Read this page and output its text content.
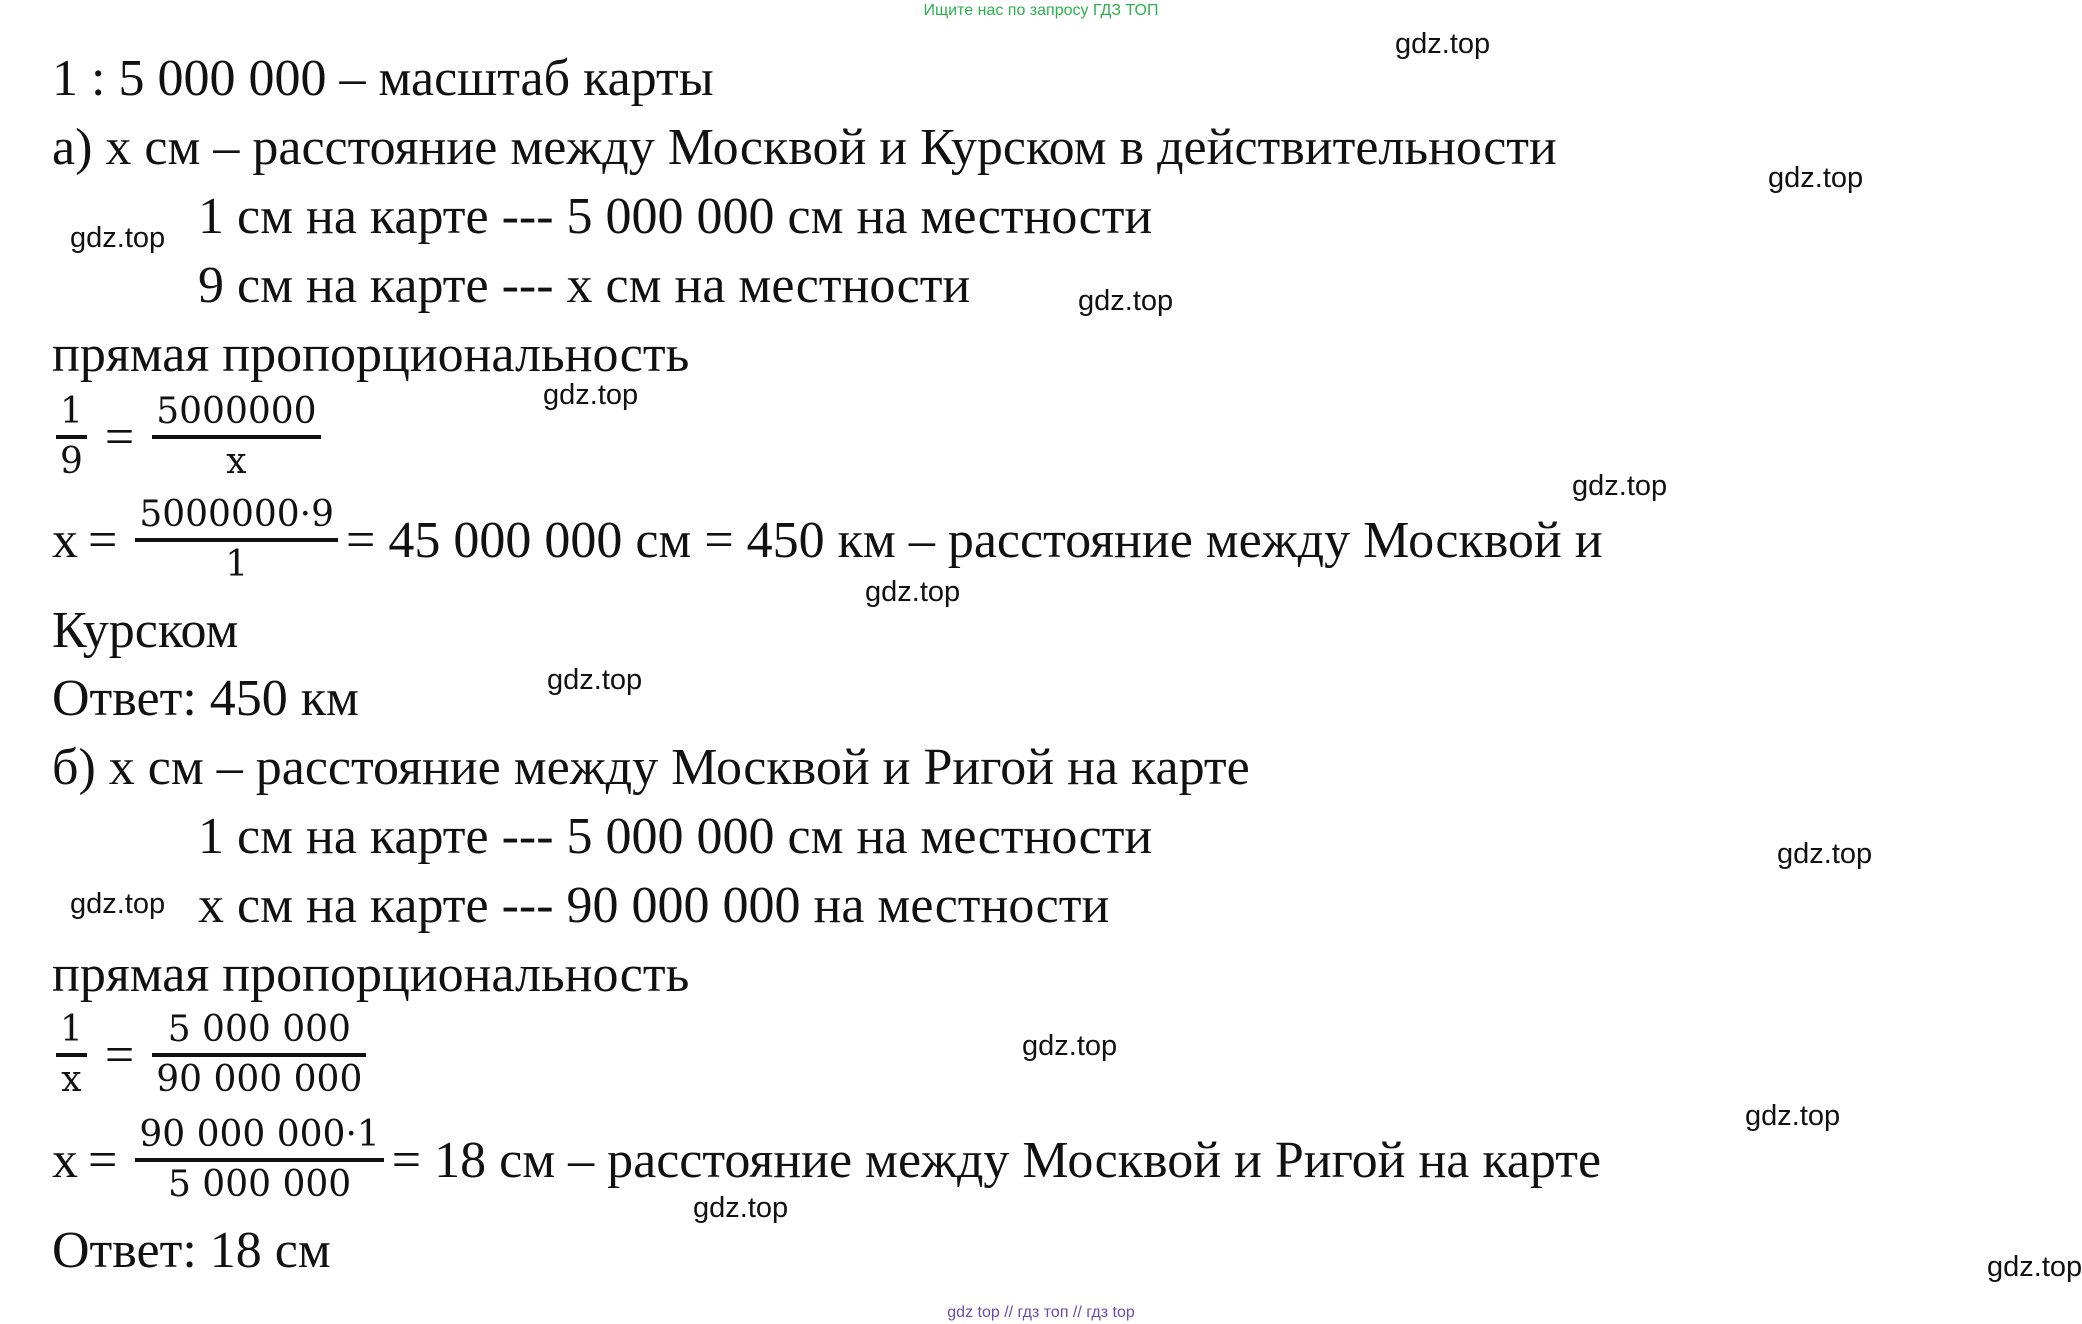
Ищите нас по запросу ГДЗ ТОП
1 : 5 000 000 – масштаб карты
а) x см – расстояние между Москвой и Курском в действительности
1 см на карте --- 5 000 000 см на местности
9 см на карте --- x см на местности
прямая пропорциональность
$\frac{1}{9} = \frac{5000000}{x}$
$x = \frac{5000000\cdot 9}{1} = 45$ 000 000 см = 450 км – расстояние между Москвой и
Курском
Ответ: 450 км
б) x см – расстояние между Москвой и Ригой на карте
1 см на карте --- 5 000 000 см на местности
x см на карте --- 90 000 000 на местности
прямая пропорциональность
$\frac{1}{x} = \frac{5 000 000}{90 000 000}$
$x = \frac{90 000 000\cdot 1}{5 000 000} = 18$ см – расстояние между Москвой и Ригой на карте
Ответ: 18 см
gdz.top
gdz.top
gdz.top
gdz.top
gdz.top
gdz.top
gdz.top
gdz.top
gdz.top
gdz.top
gdz.top
gdz.top
gdz.top
gdz.top
gdz top // гдз топ // гдз top
